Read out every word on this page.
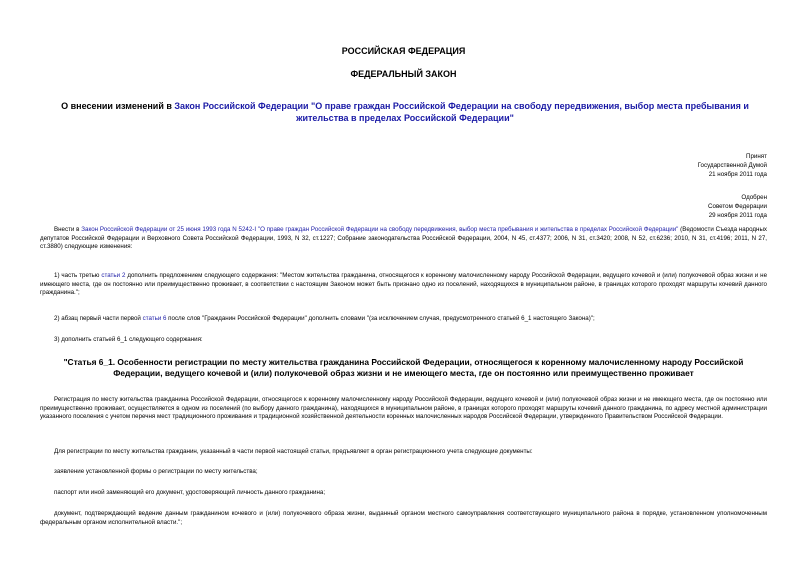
РОССИЙСКАЯ ФЕДЕРАЦИЯ
ФЕДЕРАЛЬНЫЙ ЗАКОН
О внесении изменений в Закон Российской Федерации "О праве граждан Российской Федерации на свободу передвижения, выбор места пребывания и жительства в пределах Российской Федерации"
Принят
Государственной Думой
21 ноября 2011 года
Одобрен
Советом Федерации
29 ноября 2011 года
Внести в Закон Российской Федерации от 25 июня 1993 года N 5242-I "О праве граждан Российской Федерации на свободу передвижения, выбор места пребывания и жительства в пределах Российской Федерации" (Ведомости Съезда народных депутатов Российской Федерации и Верховного Совета Российской Федерации, 1993, N 32, ст.1227; Собрание законодательства Российской Федерации, 2004, N 45, ст.4377; 2006, N 31, ст.3420; 2008, N 52, ст.6236; 2010, N 31, ст.4196; 2011, N 27, ст.3880) следующие изменения:
1) часть третью статьи 2 дополнить предложением следующего содержания: "Местом жительства гражданина, относящегося к коренному малочисленному народу Российской Федерации, ведущего кочевой и (или) полукочевой образ жизни и не имеющего места, где он постоянно или преимущественно проживает, в соответствии с настоящим Законом может быть признано одно из поселений, находящихся в муниципальном районе, в границах которого проходят маршруты кочевий данного гражданина.";
2) абзац первый части первой статьи 6 после слов "Гражданин Российской Федерации" дополнить словами "(за исключением случая, предусмотренного статьей 6_1 настоящего Закона)";
3) дополнить статьей 6_1 следующего содержания:
"Статья 6_1. Особенности регистрации по месту жительства гражданина Российской Федерации, относящегося к коренному малочисленному народу Российской Федерации, ведущего кочевой и (или) полукочевой образ жизни и не имеющего места, где он постоянно или преимущественно проживает
Регистрация по месту жительства гражданина Российской Федерации, относящегося к коренному малочисленному народу Российской Федерации, ведущего кочевой и (или) полукочевой образ жизни и не имеющего места, где он постоянно или преимущественно проживает, осуществляется в одном из поселений (по выбору данного гражданина), находящихся в муниципальном районе, в границах которого проходят маршруты кочевий данного гражданина, по адресу местной администрации указанного поселения с учетом перечня мест традиционного проживания и традиционной хозяйственной деятельности коренных малочисленных народов Российской Федерации, утвержденного Правительством Российской Федерации.
Для регистрации по месту жительства гражданин, указанный в части первой настоящей статьи, предъявляет в орган регистрационного учета следующие документы:
заявление установленной формы о регистрации по месту жительства;
паспорт или иной заменяющий его документ, удостоверяющий личность данного гражданина;
документ, подтверждающий ведение данным гражданином кочевого и (или) полукочевого образа жизни, выданный органом местного самоуправления соответствующего муниципального района в порядке, установленном уполномоченным федеральным органом исполнительной власти.";
